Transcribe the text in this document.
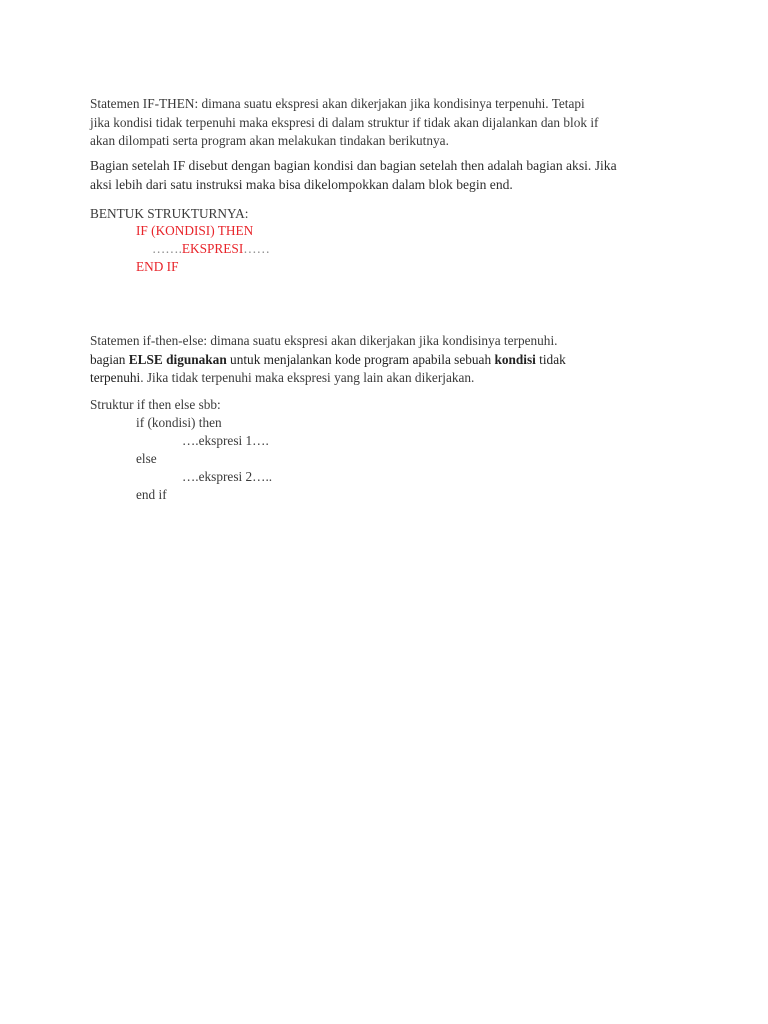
Statemen IF-THEN: dimana suatu ekspresi akan dikerjakan jika kondisinya terpenuhi. Tetapi
jika kondisi tidak terpenuhi maka ekspresi di dalam struktur if tidak akan dijalankan dan blok if
akan dilompati serta program akan melakukan tindakan berikutnya.

Bagian setelah IF disebut dengan bagian kondisi dan bagian setelah then adalah bagian aksi. Jika
aksi lebih dari satu instruksi maka bisa dikelompokkan dalam blok begin end.

BENTUK STRUKTURNYA:
IF (KONDISI) THEN
…….EKSPRESI……
END IF

Statemen if-then-else: dimana suatu ekspresi akan dikerjakan jika kondisinya terpenuhi.
bagian ELSE digunakan untuk menjalankan kode program apabila sebuah kondisi tidak
terpenuhi. Jika tidak terpenuhi maka ekspresi yang lain akan dikerjakan.

Struktur if then else sbb:
if (kondisi) then
….ekspresi 1….
else
….ekspresi 2…..
end if
